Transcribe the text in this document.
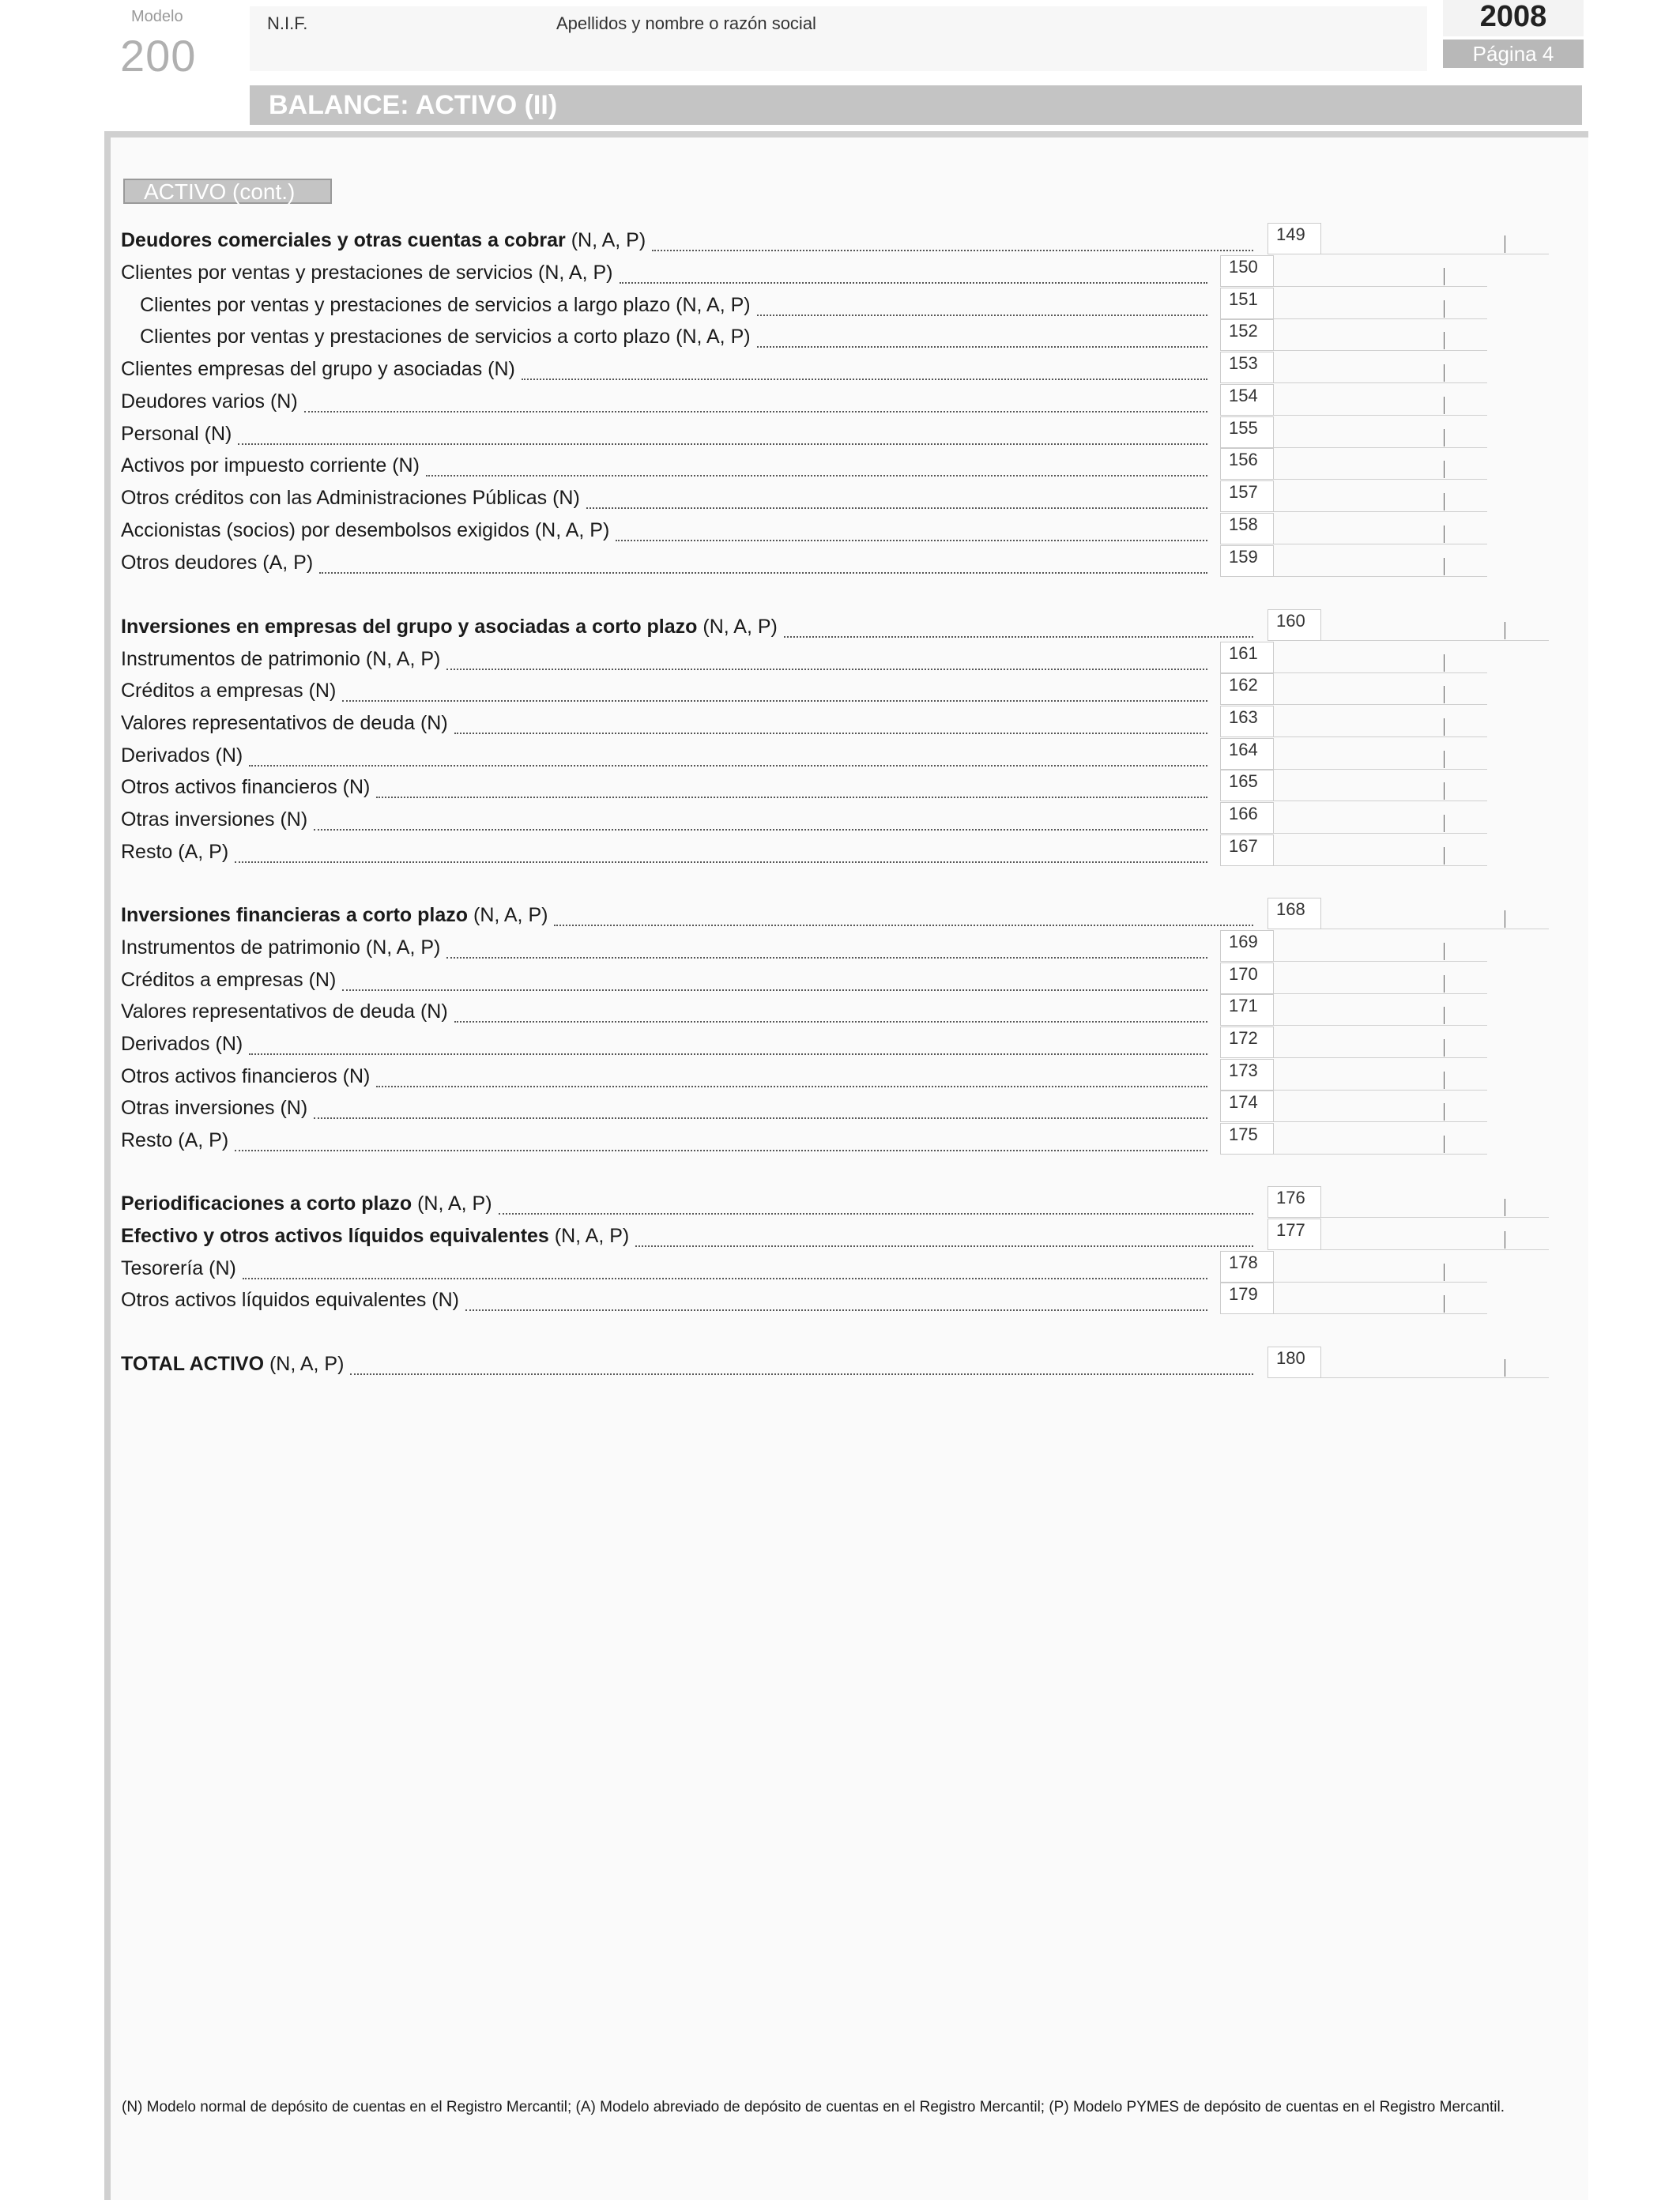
Modelo
200
N.I.F.	Apellidos y nombre o razón social	2008
Página 4
BALANCE: ACTIVO (II)
ACTIVO (cont.)
Deudores comerciales y otras cuentas a cobrar (N, A, P)	149
Clientes por ventas y prestaciones de servicios (N, A, P)	150
Clientes por ventas y prestaciones de servicios a largo plazo (N, A, P)	151
Clientes por ventas y prestaciones de servicios a corto plazo (N, A, P)	152
Clientes empresas del grupo y asociadas (N)	153
Deudores varios (N)	154
Personal (N)	155
Activos por impuesto corriente (N)	156
Otros créditos con las Administraciones Públicas (N)	157
Accionistas (socios) por desembolsos exigidos (N, A, P)	158
Otros deudores (A, P)	159
Inversiones en empresas del grupo y asociadas a corto plazo (N, A, P)	160
Instrumentos de patrimonio (N, A, P)	161
Créditos a empresas (N)	162
Valores representativos de deuda (N)	163
Derivados (N)	164
Otros activos financieros (N)	165
Otras inversiones (N)	166
Resto (A, P)	167
Inversiones financieras a corto plazo (N, A, P)	168
Instrumentos de patrimonio (N, A, P)	169
Créditos a empresas (N)	170
Valores representativos de deuda (N)	171
Derivados (N)	172
Otros activos financieros (N)	173
Otras inversiones (N)	174
Resto (A, P)	175
Periodificaciones a corto plazo (N, A, P)	176
Efectivo y otros activos líquidos equivalentes (N, A, P)	177
Tesorería (N)	178
Otros activos líquidos equivalentes (N)	179
TOTAL ACTIVO (N, A, P)	180
(N) Modelo normal de depósito de cuentas en el Registro Mercantil; (A) Modelo abreviado de depósito de cuentas en el Registro Mercantil; (P) Modelo PYMES de depósito de cuentas en el Registro Mercantil.
